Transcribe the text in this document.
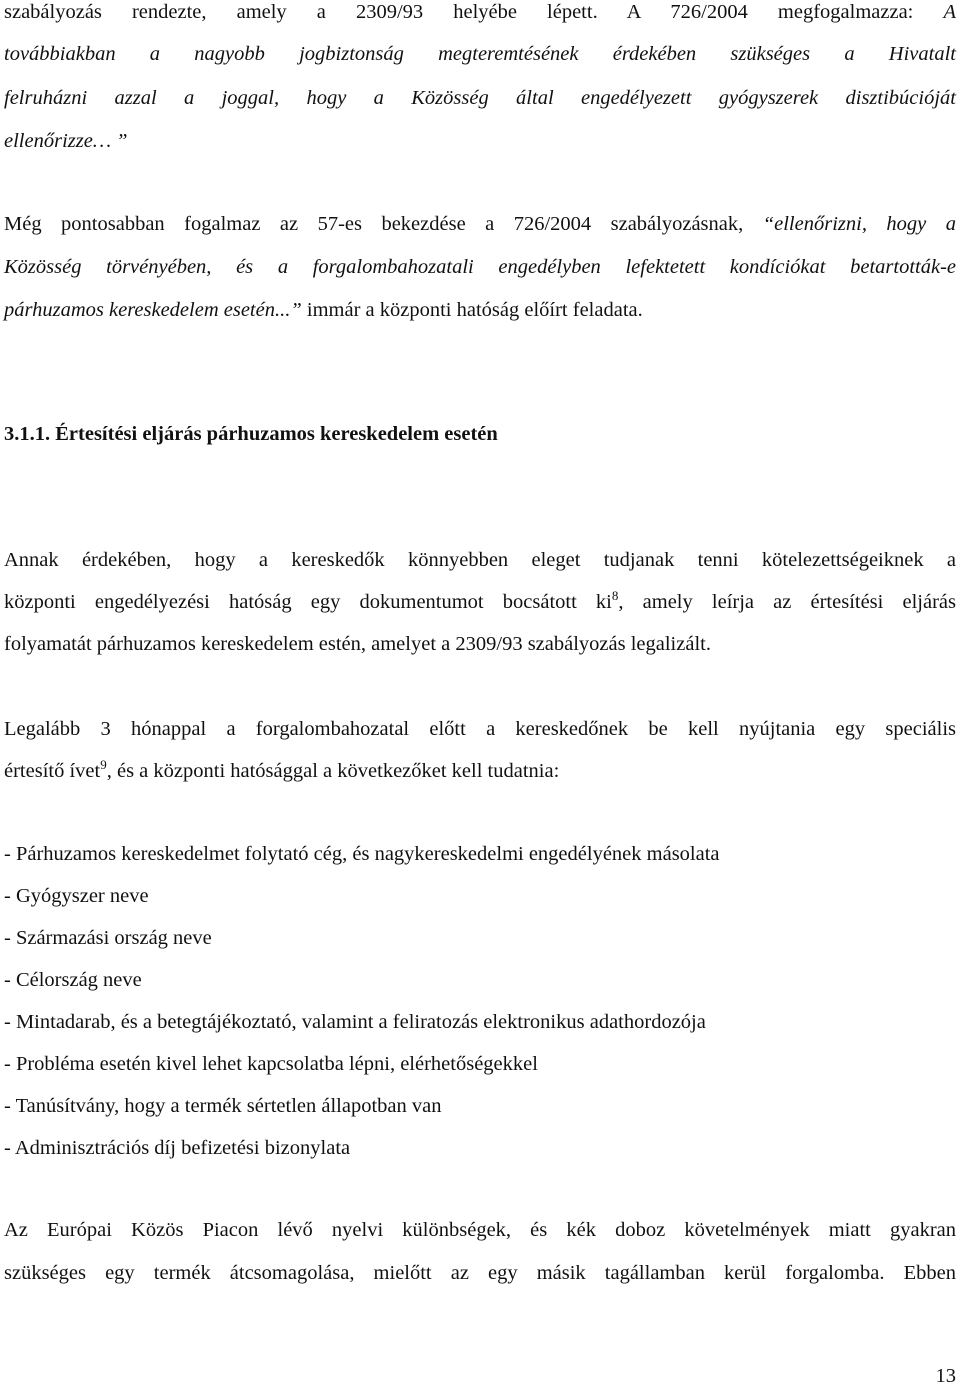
szabályozás rendezte, amely a 2309/93 helyébe lépett. A 726/2004 megfogalmazza: A
továbbiakban a nagyobb jogbiztonság megteremtésének érdekében szükséges a Hivatalt
felruházni azzal a joggal, hogy a Közösség által engedélyezett gyógyszerek disztibúcióját
ellenőrizze… ”
Még pontosabban fogalmaz az 57-es bekezdése a 726/2004 szabályozásnak, “ellenőrizni, hogy a
Közösség törvényében, és a forgalombahozatali engedélyben lefektetett kondíciókat betartották-e
párhuzamos kereskedelem esetén...” immár a központi hatóság előírt feladata.
3.1.1. Értesítési eljárás párhuzamos kereskedelem esetén
Annak érdekében, hogy a kereskedők könnyebben eleget tudjanak tenni kötelezettségeiknek a
központi engedélyezési hatóság egy dokumentumot bocsátott $ki^8$, amely leírja az értesítési eljárás
folyamatát párhuzamos kereskedelem estén, amelyet a 2309/93 szabályozás legalizált.
Legalább 3 hónappal a forgalombahozatal előtt a kereskedőnek be kell nyújtania egy speciális
értesítő ívet$^9$, és a központi hatósággal a következőket kell tudatnia:
- Párhuzamos kereskedelmet folytató cég, és nagykereskedelmi engedélyének másolata
- Gyógyszer neve
- Származási ország neve
- Célország neve
- Mintadarab, és a betegtájékoztató, valamint a feliratozás elektronikus adathordozója
- Probléma esetén kivel lehet kapcsolatba lépni, elérhetőségekkel
- Tanúsítvány, hogy a termék sértetlen állapotban van
- Adminisztrációs díj befizetési bizonylata
Az Európai Közös Piacon lévő nyelvi különbségek, és kék doboz követelmények miatt gyakran
szükséges egy termék átcsomagolása, mielőtt az egy másik tagállamban kerül forgalomba. Ebben
13
